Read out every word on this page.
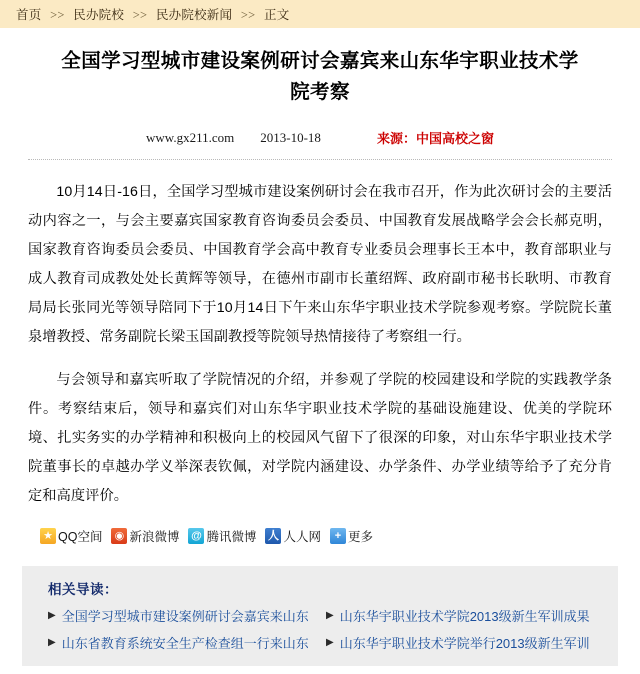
首页 >> 民办院校 >> 民办院校新闻 >> 正文
全国学习型城市建设案例研讨会嘉宾来山东华宇职业技术学院考察
www.gx211.com 2013-10-18	来源：中国高校之窗

10月14日-16日，全国学习型城市建设案例研讨会在我市召开，作为此次研讨会的主要活动内容之一，与会主要嘉宾国家教育咨询委员会委员、中国教育发展战略学会会长郝克明，国家教育咨询委员会委员、中国教育学会高中教育专业委员会理事长王本中，教育部职业与成人教育司成教处处长黄辉等领导，在德州市副市长董绍辉、政府副市秘书长耿明、市教育局局长张同光等领导陪同下于10月14日下午来山东华宇职业技术学院参观考察。学院院长董泉增教授、常务副院长梁玉国副教授等院领导热情接待了考察组一行。

与会领导和嘉宾听取了学院情况的介绍，并参观了学院的校园建设和学院的实践教学条件。考察结束后，领导和嘉宾们对山东华宇职业技术学院的基础设施建设、优美的学院环境、扎实务实的办学精神和积极向上的校园风气留下了很深的印象，对山东华宇职业技术学院董事长的卓越办学义举深表钦佩，对学院内涵建设、办学条件、办学业绩等给予了充分肯定和高度评价。

★ QQ空间 ◉ 新浪微博 @ 腾讯微博 人 人人网	+ 更多
相关导读：
▶ 全国学习型城市建设案例研讨会嘉宾来山东 ▶ 山东华宇职业技术学院2013级新生军训成果
▶ 山东省教育系统安全生产检查组一行来山东 ▶ 山东华宇职业技术学院举行2013级新生军训
